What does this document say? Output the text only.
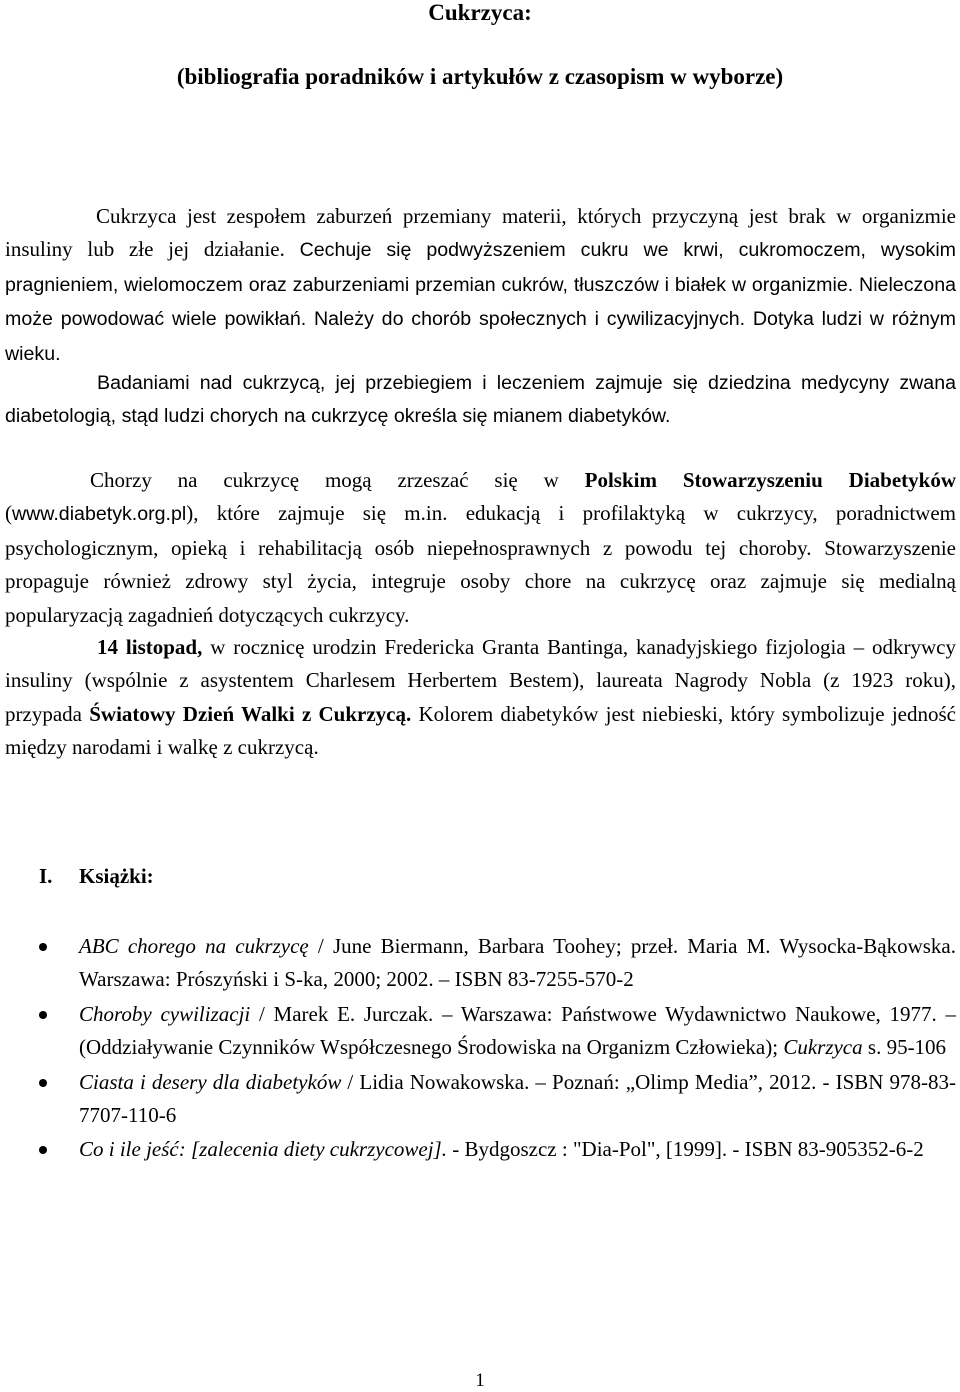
Cukrzyca:
(bibliografia poradników i artykułów z czasopism w wyborze)

Cukrzyca jest zespołem zaburzeń przemiany materii, których przyczyną jest brak w organizmie insuliny lub złe jej działanie. Cechuje się podwyższeniem cukru we krwi, cukromoczem, wysokim pragnieniem, wielomoczem oraz zaburzeniami przemian cukrów, tłuszczów i białek w organizmie. Nieleczona może powodować wiele powikłań. Należy do chorób społecznych i cywilizacyjnych. Dotyka ludzi w różnym wieku.

Badaniami nad cukrzycą, jej przebiegiem i leczeniem zajmuje się dziedzina medycyny zwana diabetologią, stąd ludzi chorych na cukrzycę określa się mianem diabetyków.

Chorzy na cukrzycę mogą zrzeszać się w Polskim Stowarzyszeniu Diabetyków (www.diabetyk.org.pl), które zajmuje się m.in. edukacją i profilaktyką w cukrzycy, poradnictwem psychologicznym, opieką i rehabilitacją osób niepełnosprawnych z powodu tej choroby. Stowarzyszenie propaguje również zdrowy styl życia, integruje osoby chore na cukrzycę oraz zajmuje się medialną popularyzacją zagadnień dotyczących cukrzycy.

14 listopad, w rocznicę urodzin Fredericka Granta Bantinga, kanadyjskiego fizjologia – odkrywcy insuliny (wspólnie z asystentem Charlesem Herbertem Bestem), laureata Nagrody Nobla (z 1923 roku), przypada Światowy Dzień Walki z Cukrzycą. Kolorem diabetyków jest niebieski, który symbolizuje jedność między narodami i walkę z cukrzycą.

I. Książki:
ABC chorego na cukrzycę / June Biermann, Barbara Toohey; przeł. Maria M. Wysocka-Bąkowska. Warszawa: Prószyński i S-ka, 2000; 2002. – ISBN 83-7255-570-2
Choroby cywilizacji / Marek E. Jurczak. – Warszawa: Państwowe Wydawnictwo Naukowe, 1977. – (Oddziaływanie Czynników Współczesnego Środowiska na Organizm Człowieka); Cukrzyca s. 95-106
Ciasta i desery dla diabetyków / Lidia Nowakowska. – Poznań: „Olimp Media”, 2012. - ISBN 978-83-7707-110-6
Co i ile jeść: [zalecenia diety cukrzycowej]. - Bydgoszcz : "Dia-Pol", [1999]. - ISBN 83-905352-6-2

1
